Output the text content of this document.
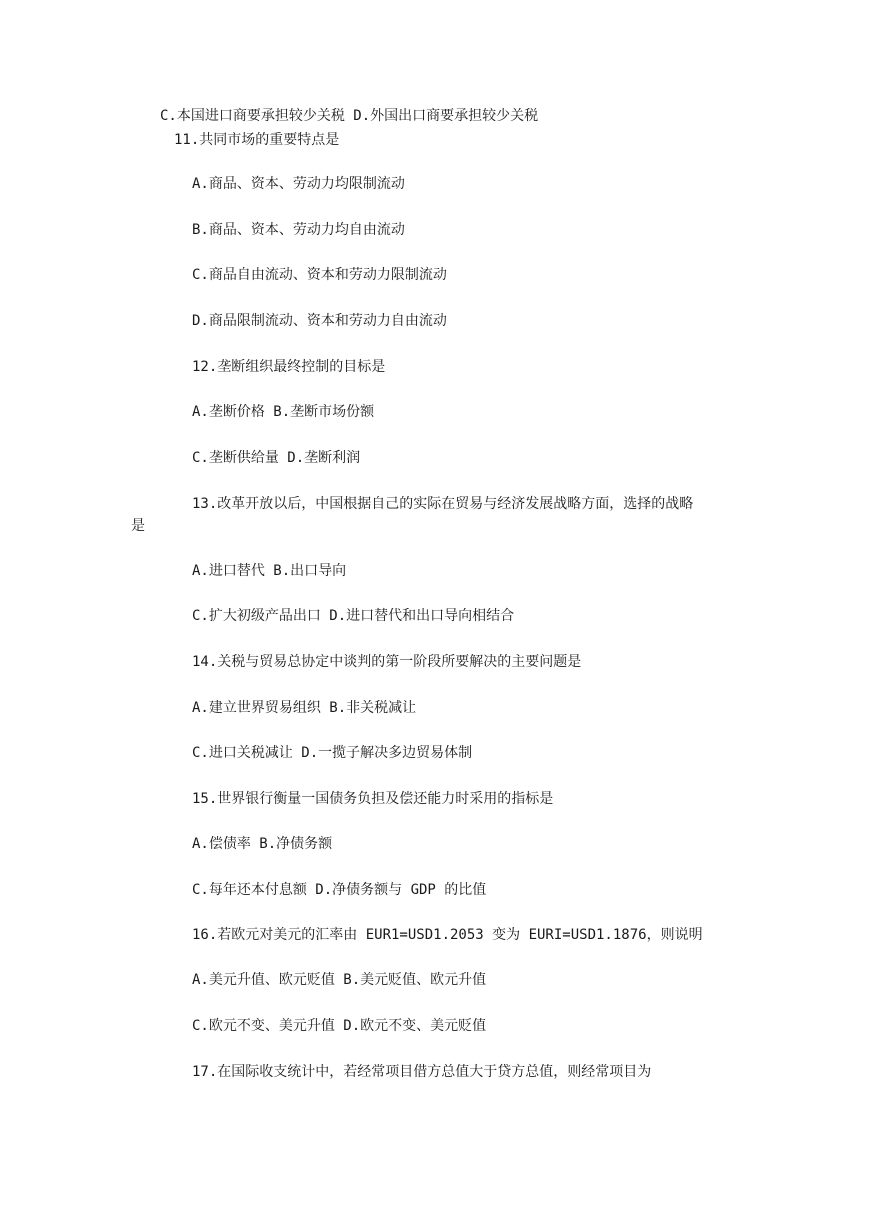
C.本国进口商要承担较少关税 D.外国出口商要承担较少关税
11.共同市场的重要特点是
A.商品、资本、劳动力均限制流动
B.商品、资本、劳动力均自由流动
C.商品自由流动、资本和劳动力限制流动
D.商品限制流动、资本和劳动力自由流动
12.垄断组织最终控制的目标是
A.垄断价格 B.垄断市场份额
C.垄断供给量 D.垄断利润
13.改革开放以后，中国根据自己的实际在贸易与经济发展战略方面，选择的战略
是
A.进口替代 B.出口导向
C.扩大初级产品出口 D.进口替代和出口导向相结合
14.关税与贸易总协定中谈判的第一阶段所要解决的主要问题是
A.建立世界贸易组织 B.非关税减让
C.进口关税减让 D.一揽子解决多边贸易体制
15.世界银行衡量一国债务负担及偿还能力时采用的指标是
A.偿债率 B.净债务额
C.每年还本付息额 D.净债务额与 GDP 的比值
16.若欧元对美元的汇率由 EUR1=USD1.2053 变为 EURI=USD1.1876，则说明
A.美元升值、欧元贬值 B.美元贬值、欧元升值
C.欧元不变、美元升值 D.欧元不变、美元贬值
17.在国际收支统计中，若经常项目借方总值大于贷方总值，则经常项目为
